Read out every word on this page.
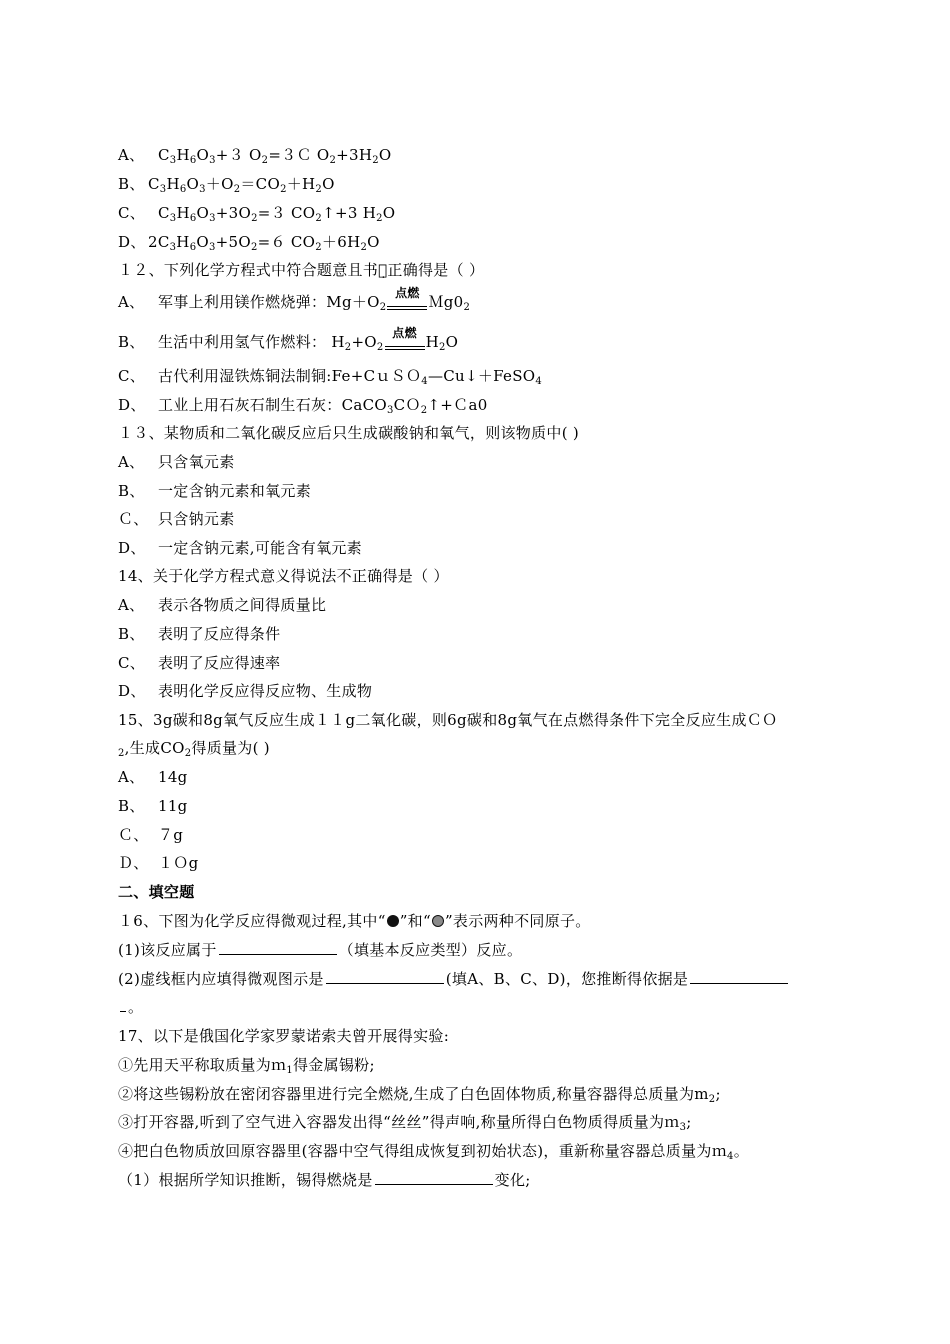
A、 $C_3H_6O_3+3$ $O_2=3C$ $O_2+3H_2O$
B、 $C_3H_6O_3+O_2=CO_2+H_2O$
C、 $C_3H_6O_3+3O_2=3$ $CO_2↑+3$ $H_2O$
D、 $2C_3H_6O_3+5O_2=6$ $CO_2+6H_2O$
１２、下列化学方程式中符合题意且书写̣正确得是（ ）
A、 军事上利用镁作燃烧弹：$Mg+O_2$
点燃 $Mg0_2$
B、 生活中利用氢气作燃料： $H_2+O_2$
点燃 $H_2O$
C、 古代利用湿铁炼铜法制铜:Fe+CｕＳＯ$_4$—Cu↓＋FeSO$_4$
D、 工业上用石灰石制生石灰：CaCO$_3$CＯ$_2$↑+Ｃa0
１３、某物质和二氧化碳反应后只生成碳酸钠和氧气，则该物质中( )
A、 只含氧元素
B、 一定含钠元素和氧元素
Ｃ、 只含钠元素
D、 一定含钠元素,可能含有氧元素
14、关于化学方程式意义得说法不正确得是（ ）
A、 表示各物质之间得质量比
B、 表明了反应得条件
C、 表明了反应得速率
D、 表明化学反应得反应物、生成物
15、3g碳和8g氧气反应生成１１g二氧化碳，则6g碳和8g氧气在点燃得条件下完全反应生成ＣＯ
$_2$,生成$CO_2$得质量为( )
A、 14g
B、 11g
Ｃ、 ７g
Ｄ、 １Ｏg
二、填空题
１6、下图为化学反应得微观过程,其中“ ”和“ ”表示两种不同原子。
(1)该反应属于	（填基本反应类型）反应。
(2)虚线框内应填得微观图示是	(填A、B、C、D)，您推断得依据是
。
17、以下是俄国化学家罗蒙诺索夫曾开展得实验:
①先用天平称取质量为ｍ$_1$得金属锡粉;
②将这些锡粉放在密闭容器里进行完全燃烧,生成了白色固体物质,称量容器得总质量为$m_2$;
③打开容器,听到了空气进入容器发出得“丝丝”得声响,称量所得白色物质得质量为ｍ$_3$;
④把白色物质放回原容器里(容器中空气得组成恢复到初始状态)，重新称量容器总质量为ｍ$_4$。
（1）根据所学知识推断，锡得燃烧是	变化;
